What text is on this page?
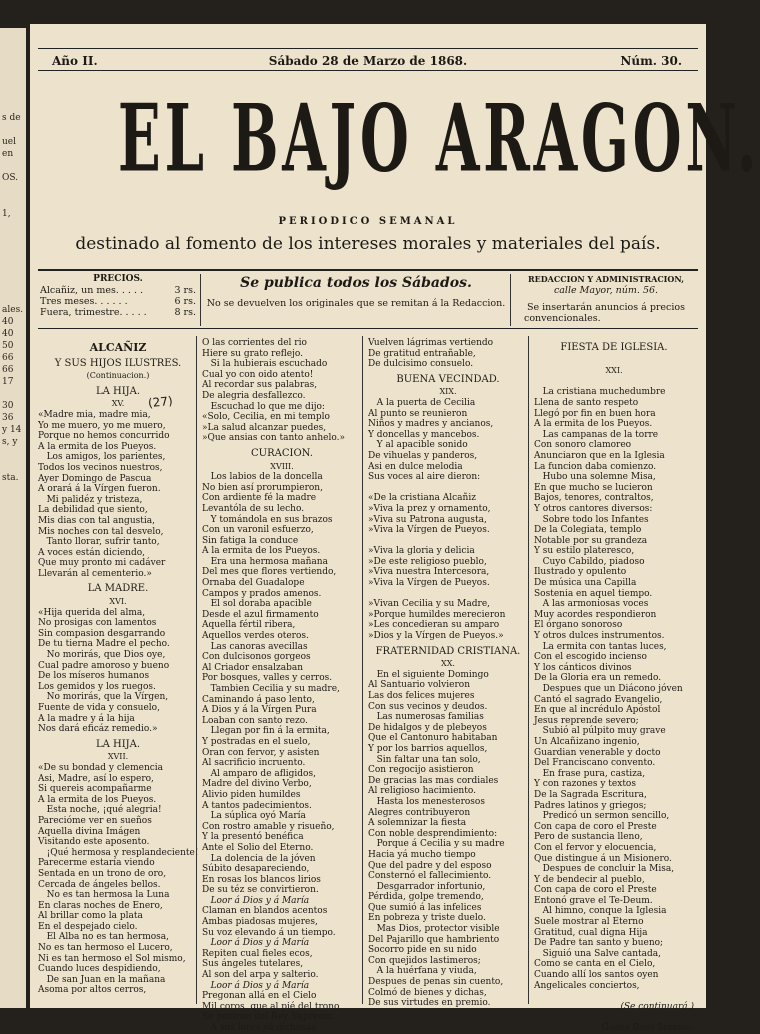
s de

uel
en

OS.

1,

ales.
40
40
50
66
66
17

30
36
y 14
s, y

sta.
Año II.	Sábado 28 de Marzo de 1868.	Núm. 30.
EL BAJO ARAGON.
PERIODICO SEMANAL
destinado al fomento de los intereses morales y materiales del país.
PRECIOS.
Alcañiz, un mes. . . . .	3 rs.
Tres meses. . . . . .	6 rs.
Fuera, trimestre. . . . .	8 rs.
Se publica todos los Sábados.
No se devuelven los originales que se remitan á la Redaccion.
REDACCION Y ADMINISTRACION,
calle Mayor, núm. 56.
Se insertarán anuncios á precios
convencionales.
ALCAÑIZ
Y SUS HIJOS ILUSTRES.
(Continuacion.)
LA HIJA.
XV.
«Madre mia, madre mia,
Yo me muero, yo me muero,
Porque no hemos concurrido
A la ermita de los Pueyos.
Los amigos, los parientes,
Todos los vecinos nuestros,
Ayer Domingo de Pascua
A orará á la Vírgen fueron.
Mi palidéz y tristeza,
La debilidad que siento,
Mis dias con tal angustia,
Mis noches con tal desvelo,
Tanto llorar, sufrir tanto,
A voces están diciendo,
Que muy pronto mi cadáver
Llevarán al cementerio.»
LA MADRE.
XVI.
«Hija querida del alma,
No prosigas con lamentos
Sin compasion desgarrando
De tu tierna Madre el pecho.
No morirás, que Dios oye,
Cual padre amoroso y bueno
De los míseros humanos
Los gemidos y los ruegos.
No morirás, que la Vírgen,
Fuente de vida y consuelo,
A la madre y á la hija
Nos dará eficáz remedio.»
LA HIJA.
XVII.
«De su bondad y clemencia
Asi, Madre, así lo espero,
Si quereis acompañarme
A la ermita de los Pueyos.
Esta noche, ¡qué alegria!
Parecióme ver en sueños
Aquella divina Imágen
Visitando este aposento.
¡Qué hermosa y resplandeciente!
Parecerme estaría viendo
Sentada en un trono de oro,
Cercada de ángeles bellos.
No es tan hermosa la Luna
En claras noches de Enero,
Al brillar como la plata
En el despejado cielo.
El Alba no es tan hermosa,
No es tan hermoso el Lucero,
Ni es tan hermoso el Sol mismo,
Cuando luces despidiendo,
De san Juan en la mañana
Asoma por altos cerros,
O las corrientes del rio
Hiere su grato reflejo.
Si la hubierais escuchado
Cual yo con oido atento!
Al recordar sus palabras,
De alegria desfallezco.
Escuchad lo que me dijo:
«Solo, Cecilia, en mi templo
»La salud alcanzar puedes,
»Que ansias con tanto anhelo.»
CURACION.
XVIII.
Los labios de la doncella
No bien así prorumpieron,
Con ardiente fé la madre
Levantóla de su lecho.
Y tomándola en sus brazos
Con un varonil esfuerzo,
Sin fatiga la conduce
A la ermita de los Pueyos.
Era una hermosa mañana
Del mes que flores vertiendo,
Ornaba del Guadalope
Campos y prados amenos.
El sol doraba apacible
Desde el azul firmamento
Aquella fértil ribera,
Aquellos verdes oteros.
Las canoras avecillas
Con dulcisonos gorgeos
Al Criador ensalzaban
Por bosques, valles y cerros.
Tambien Cecilia y su madre,
Caminando á paso lento,
A Dios y á la Vírgen Pura
Loaban con santo rezo.
Llegan por fin á la ermita,
Y postradas en el suelo,
Oran con fervor, y asisten
Al sacrificio incruento.
Al amparo de afligidos,
Madre del divino Verbo,
Alivio piden humildes
A tantos padecimientos.
La súplica oyó María
Con rostro amable y risueño,
Y la presentó benéfica
Ante el Solio del Eterno.
La dolencia de la jóven
Súbito desapareciendo,
En rosas los blancos lirios
De su téz se convirtieron.
Loor á Dios y á María
Claman en blandos acentos
Ambas piadosas mujeres,
Su voz elevando á un tiempo.
Loor á Dios y á María
Repiten cual fieles ecos,
Sus ángeles tutelares,
Al son del arpa y salterio.
Loor á Dios y á María
Pregonan allá en el Cielo
Mil coros, que al pié del trono
Se postran del Rey Supremo.
A sus lares yá dichosas
Vuelven lágrimas vertiendo
De gratitud entrañable,
De dulcisimo consuelo.
BUENA VECINDAD.
XIX.
A la puerta de Cecilia
Al punto se reunieron
Niños y madres y ancianos,
Y doncellas y mancebos.
Y al apacible sonido
De vihuelas y panderos,
Asi en dulce melodia
Sus voces al aire dieron:

«De la cristiana Alcañiz
»Viva la prez y ornamento,
»Viva su Patrona augusta,
»Viva la Vírgen de Pueyos.

»Viva la gloria y delicia
»De este religioso pueblo,
»Viva nuestra Intercesora,
»Viva la Vírgen de Pueyos.

»Vivan Cecilia y su Madre,
»Porque humildes merecieron
»Les concedieran su amparo
»Dios y la Vírgen de Pueyos.»
FRATERNIDAD CRISTIANA.
XX.
En el siguiente Domingo
Al Santuario volvieron
Las dos felices mujeres
Con sus vecinos y deudos.
Las numerosas familias
De hidalgos y de plebeyos
Que el Cantonuro habitaban
Y por los barrios aquellos,
Sin faltar una tan solo,
Con regocijo asistieron
De gracias las mas cordiales
Al religioso hacimiento.
Hasta los menesterosos
Alegres contribuyeron
A solemnizar la fiesta
Con noble desprendimiento:
Porque á Cecilia y su madre
Hacia yá mucho tiempo
Que del padre y del esposo
Consternó el fallecimiento.
Desgarrador infortunio,
Pérdida, golpe tremendo,
Que sumió á las infelices
En pobreza y triste duelo.
Mas Dios, protector visible
Del Pajarillo que hambriento
Socorro pide en su nido
Con quejidos lastimeros;
A la huérfana y viuda,
Despues de penas sin cuento,
Colmó de bienes y dichas,
De sus virtudes en premio.
FIESTA DE IGLESIA.

XXI.

La cristiana muchedumbre
Llena de santo respeto
Llegó por fin en buen hora
A la ermita de los Pueyos.
Las campanas de la torre
Con sonoro clamoreo
Anunciaron que en la Iglesia
La funcion daba comienzo.
Hubo una solemne Misa,
En que mucho se lucieron
Bajos, tenores, contraltos,
Y otros cantores diversos:
Sobre todo los Infantes
De la Colegiata, templo
Notable por su grandeza
Y su estilo plateresco,
Cuyo Cabildo, piadoso
Ilustrado y opulento
De música una Capilla
Sostenia en aquel tiempo.
A las armoniosas voces
Muy acordes respondieron
El órgano sonoroso
Y otros dulces instrumentos.
La ermita con tantas luces,
Con el escogido incienso
Y los cánticos divinos
De la Gloria era un remedo.
Despues que un Diácono jóven
Cantó el sagrado Evangelio,
En que al incrédulo Apóstol
Jesus reprende severo;
Subió al púlpito muy grave
Un Alcañizano ingenio,
Guardian venerable y docto
Del Franciscano convento.
En frase pura, castiza,
Y con razones y textos
De la Sagrada Escritura,
Padres latinos y griegos;
Predicó un sermon sencillo,
Con capa de coro el Preste
Pero de sustancia lleno,
Con el fervor y elocuencia,
Que distingue á un Misionero.
Despues de concluir la Misa,
Y de bendecir al pueblo,
Con capa de coro el Preste
Entonó grave el Te-Deum.
Al himno, conque la Iglesia
Suele mostrar al Eterno
Gratitud, cual digna Hija
De Padre tan santo y bueno;
Siguió una Salve cantada,
Como se canta en el Cielo,
Cuando allí los santos oyen
Angelicales conciertos,

(Se continuará.)

Gaspar Bono Serrano.
(27)
